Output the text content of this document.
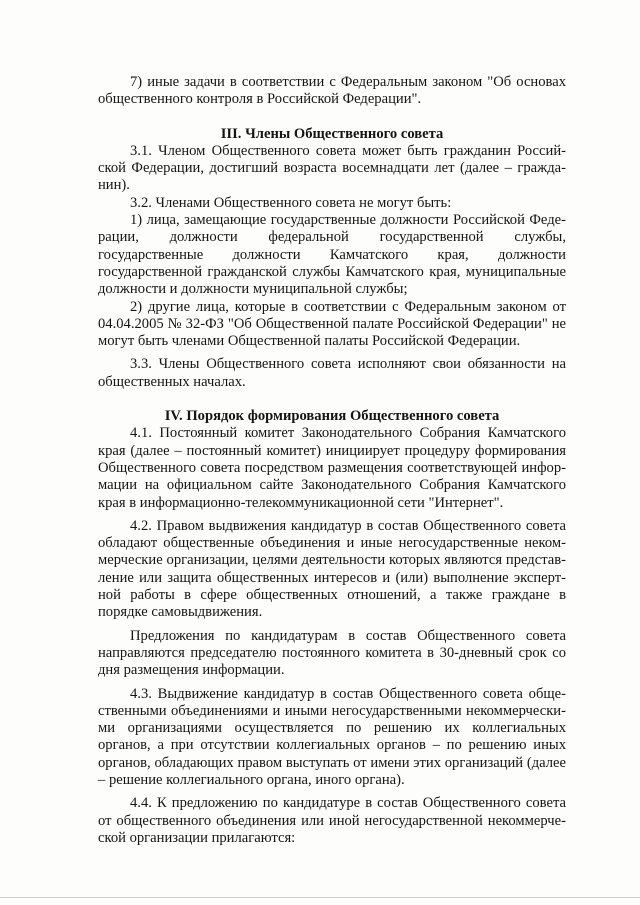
7) иные задачи в соответствии с Федеральным законом "Об основах общественного контроля в Российской Федерации".

III. Члены Общественного совета

3.1. Членом Общественного совета может быть гражданин Российской Федерации, достигший возраста восемнадцати лет (далее – гражданин).

3.2. Членами Общественного совета не могут быть:

1) лица, замещающие государственные должности Российской Федерации, должности федеральной государственной службы, государственные должности Камчатского края, должности государственной гражданской службы Камчатского края, муниципальные должности и должности муниципальной службы;

2) другие лица, которые в соответствии с Федеральным законом от 04.04.2005 № 32-ФЗ "Об Общественной палате Российской Федерации" не могут быть членами Общественной палаты Российской Федерации.

3.3. Члены Общественного совета исполняют свои обязанности на общественных началах.

IV. Порядок формирования Общественного совета

4.1. Постоянный комитет Законодательного Собрания Камчатского края (далее – постоянный комитет) инициирует процедуру формирования Общественного совета посредством размещения соответствующей информации на официальном сайте Законодательного Собрания Камчатского края в информационно-телекоммуникационной сети "Интернет".

4.2. Правом выдвижения кандидатур в состав Общественного совета обладают общественные объединения и иные негосударственные некоммерческие организации, целями деятельности которых являются представление или защита общественных интересов и (или) выполнение экспертной работы в сфере общественных отношений, а также граждане в порядке самовыдвижения.

Предложения по кандидатурам в состав Общественного совета направляются председателю постоянного комитета в 30-дневный срок со дня размещения информации.

4.3. Выдвижение кандидатур в состав Общественного совета общественными объединениями и иными негосударственными некоммерческими организациями осуществляется по решению их коллегиальных органов, а при отсутствии коллегиальных органов – по решению иных органов, обладающих правом выступать от имени этих организаций (далее – решение коллегиального органа, иного органа).

4.4. К предложению по кандидатуре в состав Общественного совета от общественного объединения или иной негосударственной некоммерческой организации прилагаются:
